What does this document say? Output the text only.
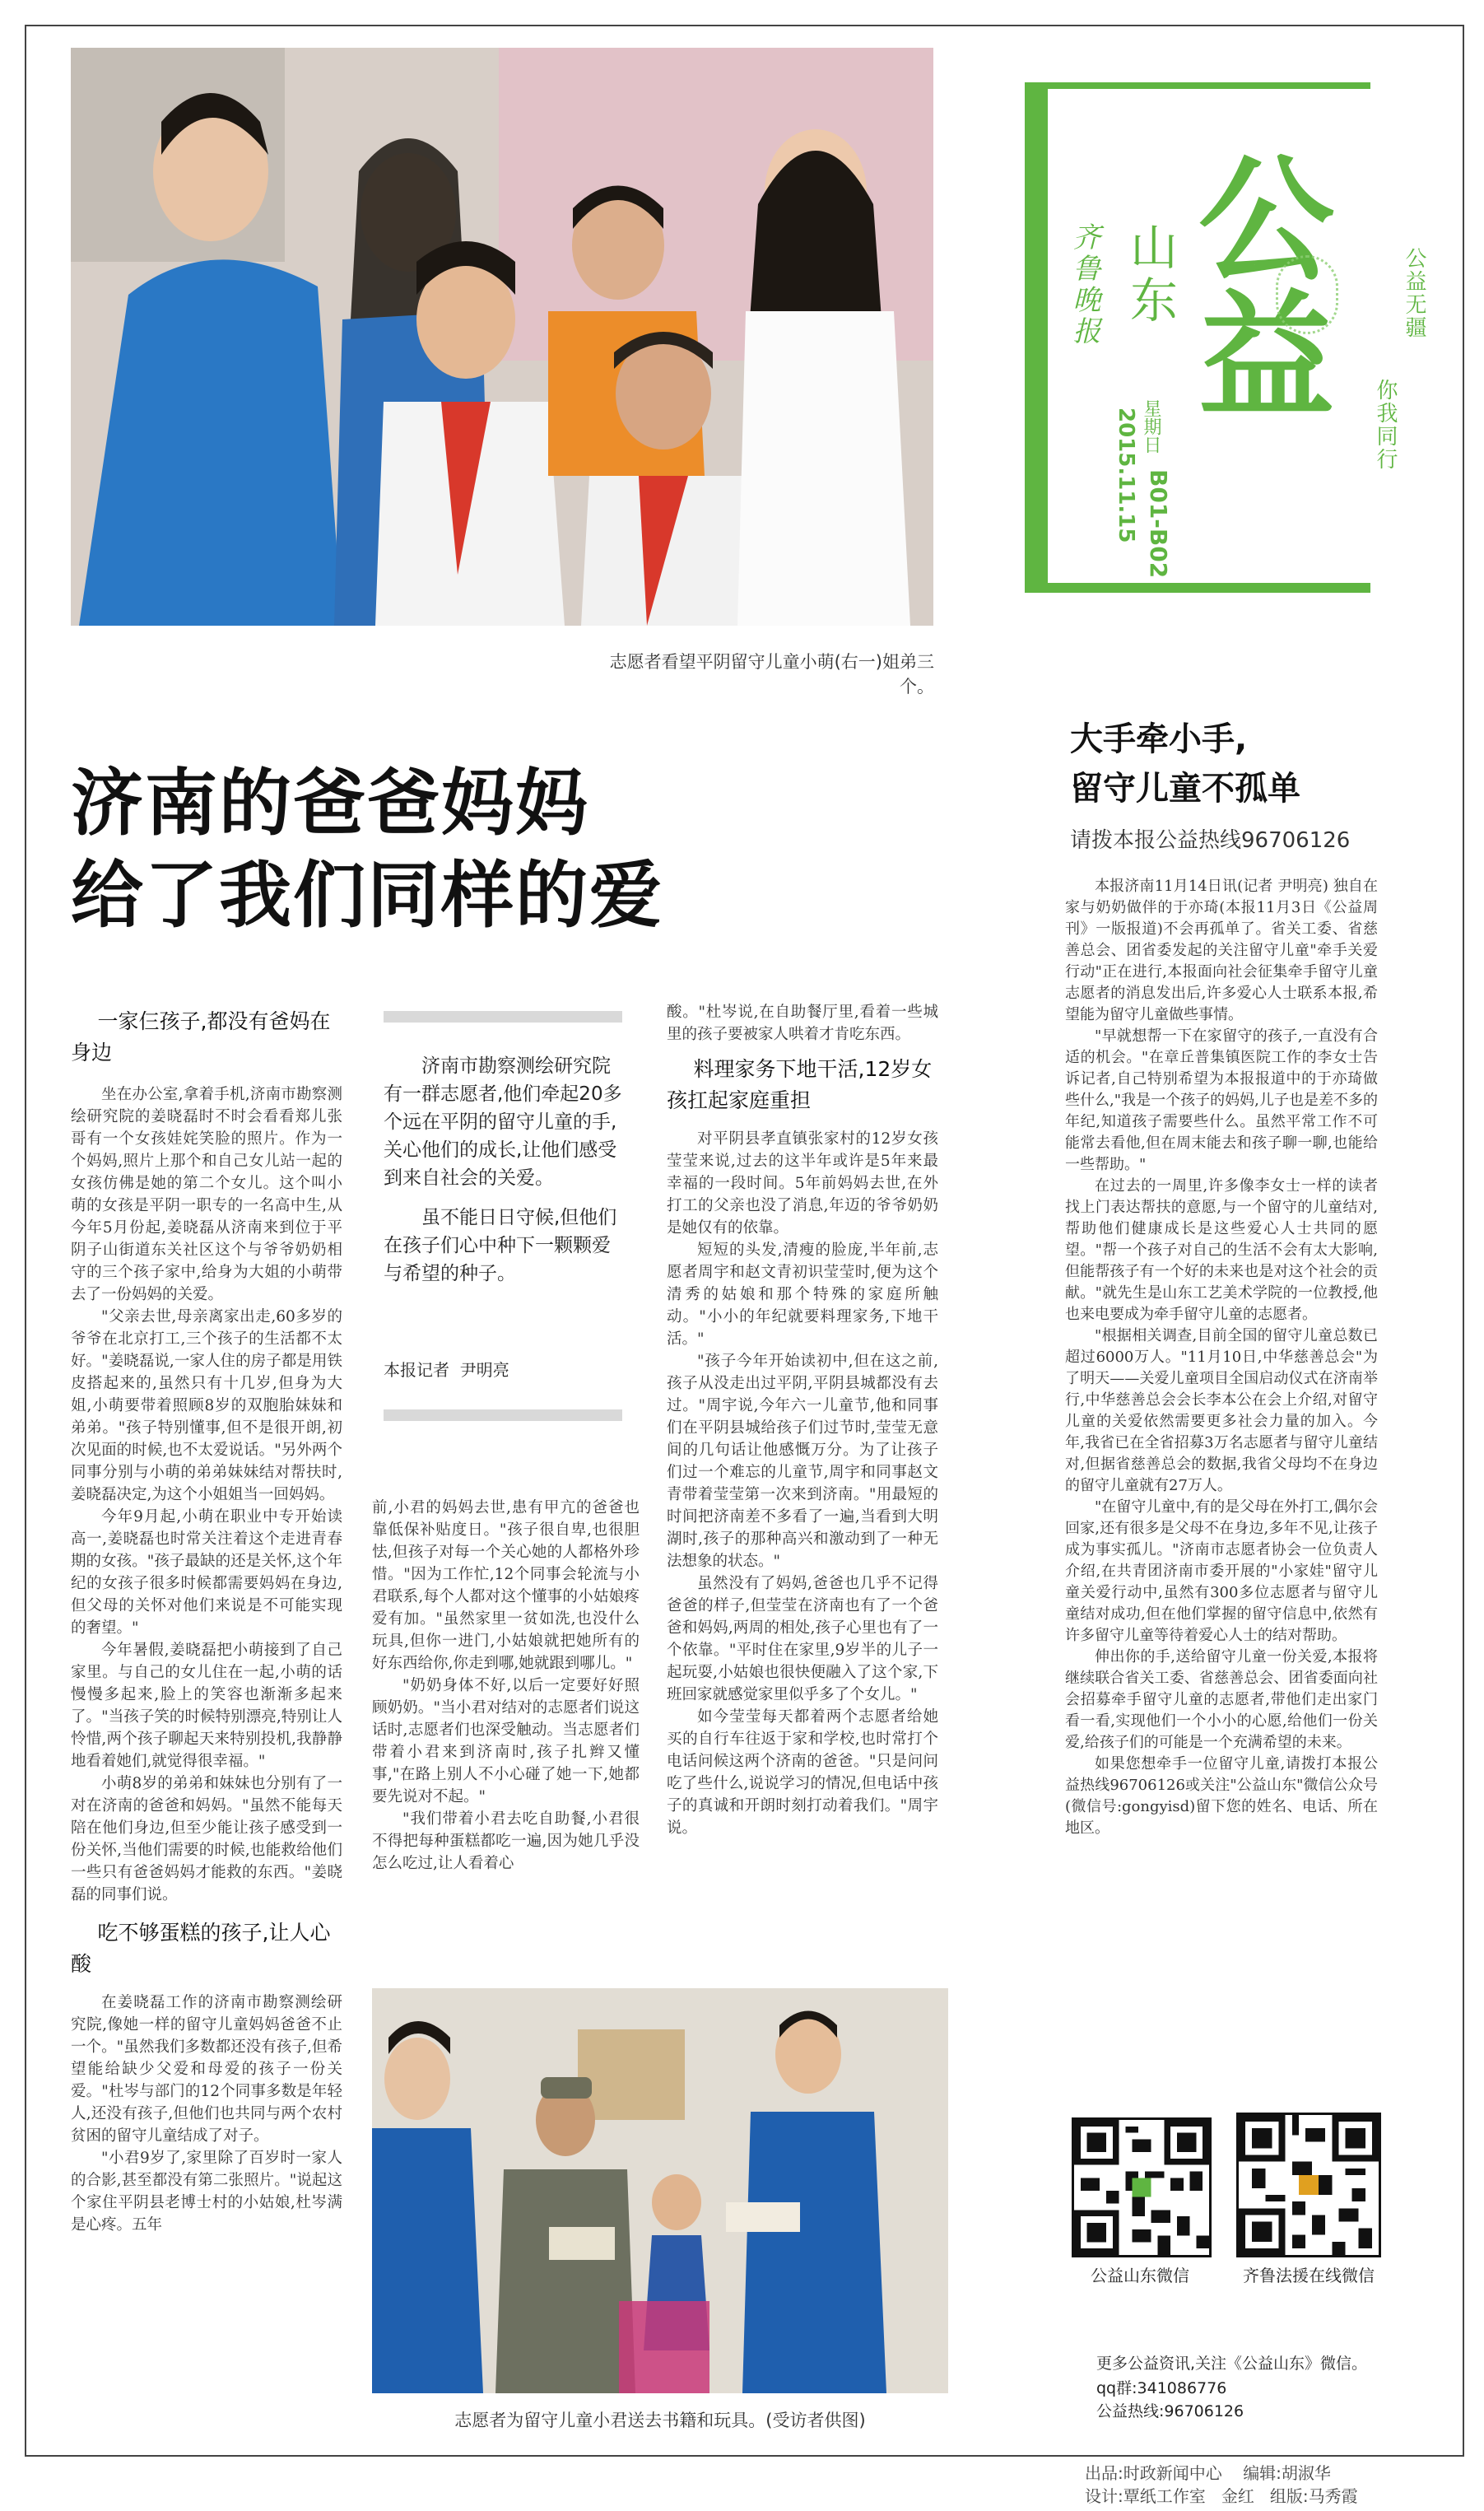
志愿者看望平阴留守儿童小萌(右一)姐弟三个。
齐鲁晚报 山东
星期日
2015.11.15 B01-B02
公益	公益无疆
你我同行
济南的爸爸妈妈
给了我们同样的爱
一家仨孩子,都没有爸妈在身边

坐在办公室,拿着手机,济南市勘察测绘研究院的姜晓磊时不时会看看郑儿张哥有一个女孩娃姹笑脸的照片。作为一个妈妈,照片上那个和自己女儿站一起的女孩仿佛是她的第二个女儿。这个叫小萌的女孩是平阴一职专的一名高中生,从今年5月份起,姜晓磊从济南来到位于平阴子山街道东关社区这个与爷爷奶奶相守的三个孩子家中,给身为大姐的小萌带去了一份妈妈的关爱。

"父亲去世,母亲离家出走,60多岁的爷爷在北京打工,三个孩子的生活都不太好。"姜晓磊说,一家人住的房子都是用铁皮搭起来的,虽然只有十几岁,但身为大姐,小萌要带着照顾8岁的双胞胎妹妹和弟弟。"孩子特别懂事,但不是很开朗,初次见面的时候,也不太爱说话。"另外两个同事分别与小萌的弟弟妹妹结对帮扶时,姜晓磊决定,为这个小姐姐当一回妈妈。

今年9月起,小萌在职业中专开始读高一,姜晓磊也时常关注着这个走进青春期的女孩。"孩子最缺的还是关怀,这个年纪的女孩子很多时候都需要妈妈在身边,但父母的关怀对他们来说是不可能实现的奢望。"

今年暑假,姜晓磊把小萌接到了自己家里。与自己的女儿住在一起,小萌的话慢慢多起来,脸上的笑容也渐渐多起来了。"当孩子笑的时候特别漂亮,特别让人怜惜,两个孩子聊起天来特别投机,我静静地看着她们,就觉得很幸福。"

小萌8岁的弟弟和妹妹也分别有了一对在济南的爸爸和妈妈。"虽然不能每天陪在他们身边,但至少能让孩子感受到一份关怀,当他们需要的时候,也能救给他们一些只有爸爸妈妈才能救的东西。"姜晓磊的同事们说。

吃不够蛋糕的孩子,让人心酸

在姜晓磊工作的济南市勘察测绘研究院,像她一样的留守儿童妈妈爸爸不止一个。"虽然我们多数都还没有孩子,但希望能给缺少父爱和母爱的孩子一份关爱。"杜岑与部门的12个同事多数是年轻人,还没有孩子,但他们也共同与两个农村贫困的留守儿童结成了对子。

"小君9岁了,家里除了百岁时一家人的合影,甚至都没有第二张照片。"说起这个家住平阴县老博士村的小姑娘,杜岑满是心疼。五年

济南市勘察测绘研究院有一群志愿者,他们牵起20多个远在平阴的留守儿童的手,关心他们的成长,让他们感受到来自社会的关爱。

虽不能日日守候,但他们在孩子们心中种下一颗颗爱与希望的种子。

本报记者  尹明亮

前,小君的妈妈去世,患有甲亢的爸爸也靠低保补贴度日。"孩子很自卑,也很胆怯,但孩子对每一个关心她的人都格外珍惜。"因为工作忙,12个同事会轮流与小君联系,每个人都对这个懂事的小姑娘疼爱有加。"虽然家里一贫如洗,也没什么玩具,但你一进门,小姑娘就把她所有的好东西给你,你走到哪,她就跟到哪儿。"

"奶奶身体不好,以后一定要好好照顾奶奶。"当小君对结对的志愿者们说这话时,志愿者们也深受触动。当志愿者们带着小君来到济南时,孩子扎辫又懂事,"在路上别人不小心碰了她一下,她都要先说对不起。"

"我们带着小君去吃自助餐,小君很不得把每种蛋糕都吃一遍,因为她几乎没怎么吃过,让人看着心

酸。"杜岑说,在自助餐厅里,看着一些城里的孩子要被家人哄着才肯吃东西。

料理家务下地干活,12岁女孩扛起家庭重担

对平阴县孝直镇张家村的12岁女孩莹莹来说,过去的这半年或许是5年来最幸福的一段时间。5年前妈妈去世,在外打工的父亲也没了消息,年迈的爷爷奶奶是她仅有的依靠。

短短的头发,清瘦的脸庞,半年前,志愿者周宇和赵文青初识莹莹时,便为这个清秀的姑娘和那个特殊的家庭所触动。"小小的年纪就要料理家务,下地干活。"

"孩子今年开始读初中,但在这之前,孩子从没走出过平阴,平阴县城都没有去过。"周宇说,今年六一儿童节,他和同事们在平阴县城给孩子们过节时,莹莹无意间的几句话让他感慨万分。为了让孩子们过一个难忘的儿童节,周宇和同事赵文青带着莹莹第一次来到济南。"用最短的时间把济南差不多看了一遍,当看到大明湖时,孩子的那种高兴和激动到了一种无法想象的状态。"

虽然没有了妈妈,爸爸也几乎不记得爸爸的样子,但莹莹在济南也有了一个爸爸和妈妈,两周的相处,孩子心里也有了一个依靠。"平时住在家里,9岁半的儿子一起玩耍,小姑娘也很快便融入了这个家,下班回家就感觉家里似乎多了个女儿。"

如今莹莹每天都着两个志愿者给她买的自行车往返于家和学校,也时常打个电话问候这两个济南的爸爸。"只是问问吃了些什么,说说学习的情况,但电话中孩子的真诚和开朗时刻打动着我们。"周宇说。

志愿者为留守儿童小君送去书籍和玩具。(受访者供图)
大手牵小手,
留守儿童不孤单
请拨本报公益热线96706126

本报济南11月14日讯(记者 尹明亮) 独自在家与奶奶做伴的于亦琦(本报11月3日《公益周刊》一版报道)不会再孤单了。省关工委、省慈善总会、团省委发起的关注留守儿童"牵手关爱行动"正在进行,本报面向社会征集牵手留守儿童志愿者的消息发出后,许多爱心人士联系本报,希望能为留守儿童做些事情。

"早就想帮一下在家留守的孩子,一直没有合适的机会。"在章丘普集镇医院工作的李女士告诉记者,自己特别希望为本报报道中的于亦琦做些什么,"我是一个孩子的妈妈,儿子也是差不多的年纪,知道孩子需要些什么。虽然平常工作不可能常去看他,但在周末能去和孩子聊一聊,也能给一些帮助。"

在过去的一周里,许多像李女士一样的读者找上门表达帮扶的意愿,与一个留守的儿童结对,帮助他们健康成长是这些爱心人士共同的愿望。"帮一个孩子对自己的生活不会有太大影响,但能帮孩子有一个好的未来也是对这个社会的贡献。"就先生是山东工艺美术学院的一位教授,他也来电要成为牵手留守儿童的志愿者。

"根据相关调查,目前全国的留守儿童总数已超过6000万人。"11月10日,中华慈善总会"为了明天——关爱儿童项目全国启动仪式在济南举行,中华慈善总会会长李本公在会上介绍,对留守儿童的关爱依然需要更多社会力量的加入。今年,我省已在全省招募3万名志愿者与留守儿童结对,但据省慈善总会的数据,我省父母均不在身边的留守儿童就有27万人。

"在留守儿童中,有的是父母在外打工,偶尔会回家,还有很多是父母不在身边,多年不见,让孩子成为事实孤儿。"济南市志愿者协会一位负责人介绍,在共青团济南市委开展的"小家娃"留守儿童关爱行动中,虽然有300多位志愿者与留守儿童结对成功,但在他们掌握的留守信息中,依然有许多留守儿童等待着爱心人士的结对帮助。

伸出你的手,送给留守儿童一份关爱,本报将继续联合省关工委、省慈善总会、团省委面向社会招募牵手留守儿童的志愿者,带他们走出家门看一看,实现他们一个小小的心愿,给他们一份关爱,给孩子们的可能是一个充满希望的未来。

如果您想牵手一位留守儿童,请拨打本报公益热线96706126或关注"公益山东"微信公众号(微信号:gongyisd)留下您的姓名、电话、所在地区。

公益山东微信	齐鲁法援在线微信
更多公益资讯,关注《公益山东》微信。
qq群:341086776
公益热线:96706126
出品:时政新闻中心 编辑:胡淑华
设计:覃纸工作室 金红 组版:马秀霞
